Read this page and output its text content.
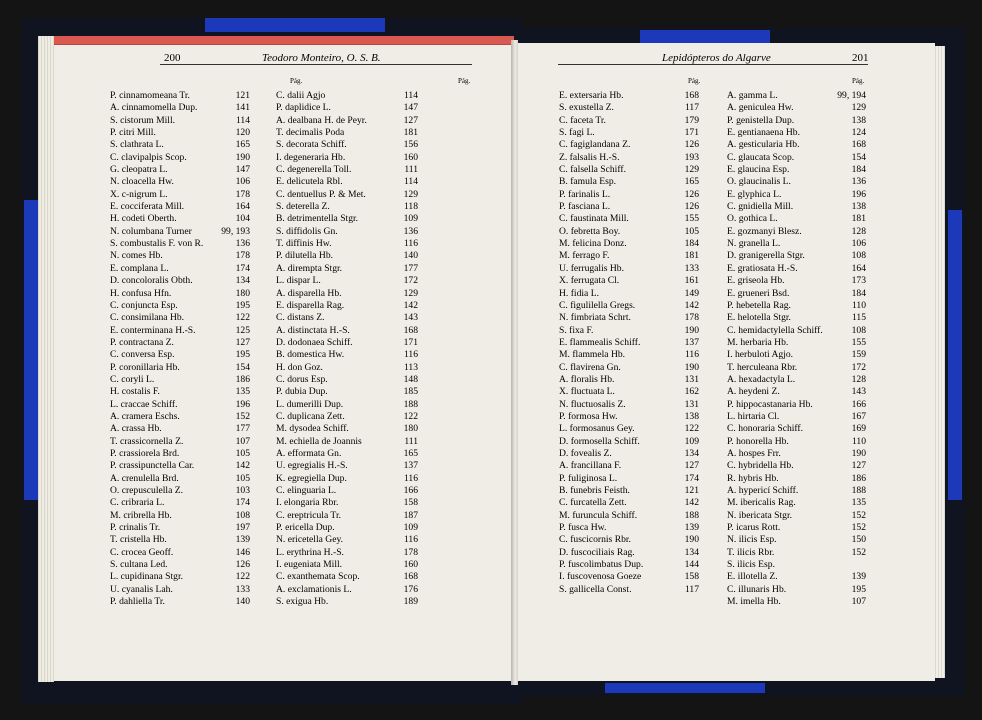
200	Teodoro Monteiro, O. S. B.
Pág.	Pág.
Lepidópteros do Algarve	201
Pág.	Pág.
P. cinnamomeana Tr.	121
A. cinnamomella Dup.	141
S. cistorum Mill.	114
P. citri Mill.	120
S. clathrata L.	165
C. clavipalpis Scop.	190
G. cleopatra L.	147
N. cloacella Hw.	106
X. c-nigrum L.	178
E. cocciferata Mill.	164
H. codeti Oberth.	104
N. columbana Turner	99, 193
S. combustalis F. von R.	136
N. comes Hb.	178
E. complana L.	174
D. concoloralis Obth.	134
H. confusa Hfn.	180
C. conjuncta Esp.	195
C. consimilana Hb.	122
E. conterminana H.-S.	125
P. contractana Z.	127
C. conversa Esp.	195
P. coronillaria Hb.	154
C. coryli L.	186
H. costalis F.	135
L. craccae Schiff.	196
A. cramera Eschs.	152
A. crassa Hb.	177
T. crassicornella Z.	107
P. crassiorela Brd.	105
P. crassipunctella Car.	142
A. crenulella Brd.	105
O. crepusculella Z.	103
C. cribraria L.	174
M. cribrella Hb.	108
P. crinalis Tr.	197
T. cristella Hb.	139
C. crocea Geoff.	146
S. cultana Led.	126
L. cupidinana Stgr.	122
U. cyanalis Lah.	133
P. dahliella Tr.	140
C. dalii Agjo	114
P. daplidice L.	147
A. dealbana H. de Peyr.	127
T. decimalis Poda	181
S. decorata Schiff.	156
I. degeneraria Hb.	160
C. degenerella Toll.	111
E. delicutela Rbl.	114
C. dentuellus P. & Met.	129
S. deterella Z.	118
B. detrimentella Stgr.	109
S. diffidolis Gn.	136
T. diffinis Hw.	116
P. dilutella Hb.	140
A. dirempta Stgr.	177
L. dispar L.	172
A. disparella Hb.	129
E. disparella Rag.	142
C. distans Z.	143
A. distinctata H.-S.	168
D. dodonaea Schiff.	171
B. domestica Hw.	116
H. don Goz.	113
C. dorus Esp.	148
P. dubia Dup.	185
L. dumerilli Dup.	188
C. duplicana Zett.	122
M. dysodea Schiff.	180
M. echiella de Joannis	111
A. efformata Gn.	165
U. egregialis H.-S.	137
K. egregiella Dup.	116
C. elinguaria L.	166
I. elongaria Rbr.	158
C. ereptricula Tr.	187
P. ericella Dup.	109
N. ericetella Gey.	116
L. erythrina H.-S.	178
I. eugeniata Mill.	160
C. exanthemata Scop.	168
A. exclamationis L.	176
S. exigua Hb.	189
E. extersaria Hb.	168
S. exustella Z.	117
C. faceta Tr.	179
S. fagi L.	171
C. fagiglandana Z.	126
Z. falsalis H.-S.	193
C. falsella Schiff.	129
B. famula Esp.	165
P. farinalis L.	126
P. fasciana L.	126
C. faustinata Mill.	155
O. febretta Boy.	105
M. felicina Donz.	184
M. ferrago F.	181
U. ferrugalis Hb.	133
X. ferrugata Cl.	161
H. fidia L.	149
C. figulilella Gregs.	142
N. fimbriata Schrt.	178
S. fixa F.	190
E. flammealis Schiff.	137
M. flammela Hb.	116
C. flavirena Gn.	190
A. floralis Hb.	131
X. fluctuata L.	162
N. fluctuosalis Z.	131
P. formosa Hw.	138
L. formosanus Gey.	122
D. formosella Schiff.	109
D. fovealis Z.	134
A. francillana F.	127
P. fuliginosa L.	174
B. funebris Feisth.	121
C. furcatella Zett.	142
M. furuncula Schiff.	188
P. fusca Hw.	139
C. fuscicornis Rbr.	190
D. fuscociliais Rag.	134
P. fuscolimbatus Dup.	144
I. fuscovenosa Goeze	158
S. gallicella Const.	117
A. gamma L.	99, 194
A. geniculea Hw.	129
P. genistella Dup.	138
E. gentianaena Hb.	124
A. gesticularia Hb.	168
C. glaucata Scop.	154
E. glaucina Esp.	184
O. glaucinalis L.	136
E. glyphica L.	196
C. gnidiella Mill.	138
O. gothica L.	181
E. gozmanyi Blesz.	128
N. granella L.	106
D. granigerella Stgr.	108
E. gratiosata H.-S.	164
E. griseola Hb.	173
E. grueneri Bsd.	184
P. hebetella Rag.	110
E. helotella Stgr.	115
C. hemidactylella Schiff.	108
M. herbaria Hb.	155
I. herbuloti Agjo.	159
T. herculeana Rbr.	172
A. hexadactyla L.	128
A. heydeni Z.	143
P. hippocastanaria Hb.	166
L. hirtaria Cl.	167
C. honoraria Schiff.	169
P. honorella Hb.	110
A. hospes Frr.	190
C. hybridella Hb.	127
R. hybris Hb.	186
A. hypericí Schiff.	188
M. ibericalis Rag.	135
N. ibericata Stgr.	152
P. icarus Rott.	152
N. ilicis Esp.	150
T. ilicis Rbr.	152
S. ilicis Esp.
E. illotella Z.	139
C. illunaris Hb.	195
M. imella Hb.	107
